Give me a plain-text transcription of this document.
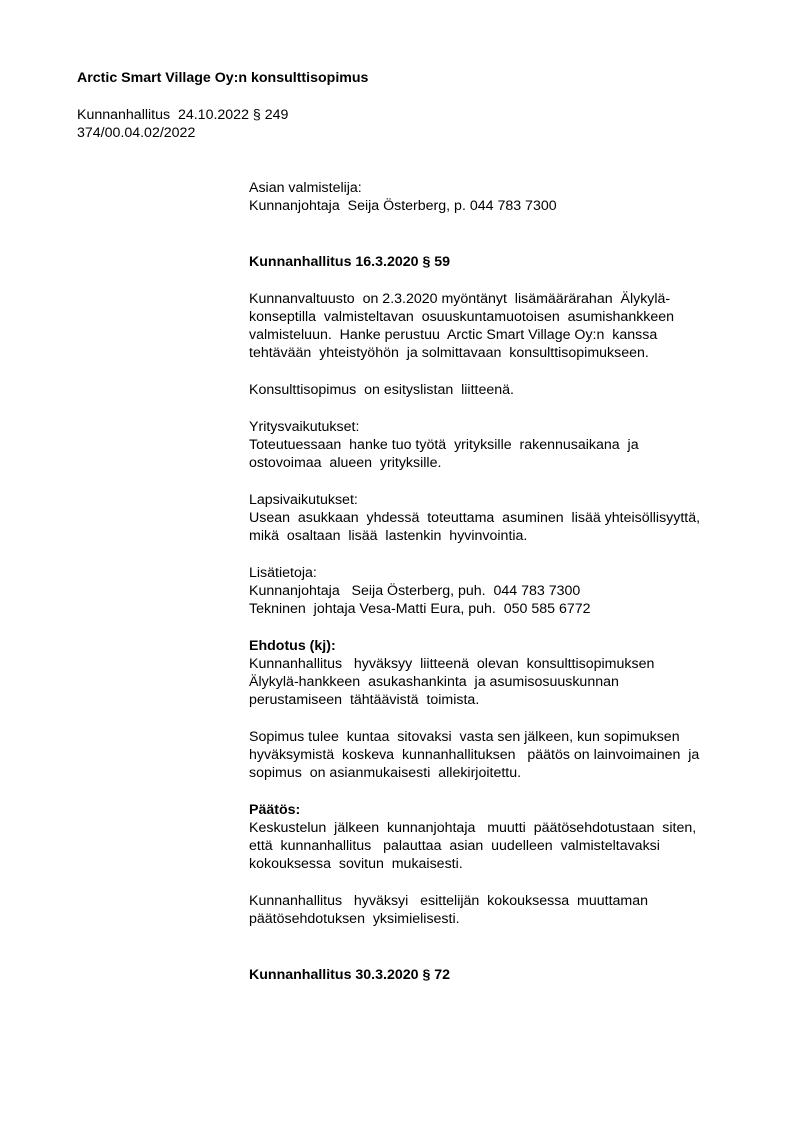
Arctic Smart Village Oy:n konsulttisopimus
Kunnanhallitus  24.10.2022 § 249
374/00.04.02/2022
Asian valmistelija:
Kunnanjohtaja  Seija Österberg, p. 044 783 7300
Kunnanhallitus 16.3.2020 § 59
Kunnanvaltuusto  on 2.3.2020 myöntänyt  lisämäärärahan  Älykylä-
konseptilla  valmisteltavan  osuuskuntamuotoisen  asumishankkeen
valmisteluun.  Hanke perustuu  Arctic Smart Village Oy:n  kanssa
tehtävään  yhteistyöhön  ja solmittavaan  konsulttisopimukseen.
Konsulttisopimus  on esityslistan  liitteenä.
Yritysvaikutukset:
Toteutuessaan  hanke tuo työtä  yrityksille  rakennusaikana  ja
ostovoimaa  alueen  yrityksille.
Lapsivaikutukset:
Usean  asukkaan  yhdessä  toteuttama  asuminen  lisää yhteisöllisyyttä,
mikä  osaltaan  lisää  lastenkin  hyvinvointia.
Lisätietoja:
Kunnanjohtaja   Seija Österberg, puh.  044 783 7300
Tekninen  johtaja Vesa-Matti Eura, puh.  050 585 6772
Ehdotus (kj):
Kunnanhallitus   hyväksyy  liitteenä  olevan  konsulttisopimuksen
Älykylä-hankkeen  asukashankinta  ja asumisosuuskunnan
perustamiseen  tähtäävistä  toimista.
Sopimus tulee  kuntaa  sitovaksi  vasta sen jälkeen, kun sopimuksen
hyväksymistä  koskeva  kunnanhallituksen   päätös on lainvoimainen  ja
sopimus  on asianmukaisesti  allekirjoitettu.
Päätös:
Keskustelun  jälkeen  kunnanjohtaja   muutti  päätösehdotustaan  siten,
että  kunnanhallitus   palauttaa  asian  uudelleen  valmisteltavaksi
kokouksessa  sovitun  mukaisesti.
Kunnanhallitus   hyväksyi   esittelijän  kokouksessa  muuttaman
päätösehdotuksen  yksimielisesti.
Kunnanhallitus 30.3.2020 § 72
